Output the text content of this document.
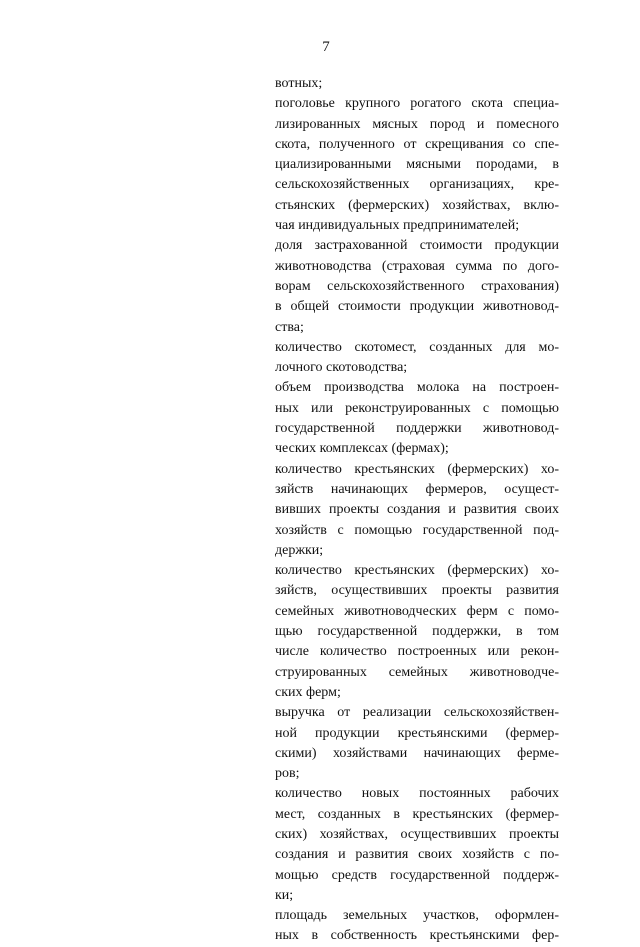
7
вотных;
поголовье крупного рогатого скота специа-
лизированных мясных пород и помесного
скота, полученного от скрещивания со спе-
циализированными мясными породами, в
сельскохозяйственных организациях, кре-
стьянских (фермерских) хозяйствах, вклю-
чая индивидуальных предпринимателей;
доля застрахованной стоимости продукции
животноводства (страховая сумма по дого-
ворам сельскохозяйственного страхования)
в общей стоимости продукции животновод-
ства;
количество скотомест, созданных для мо-
лочного скотоводства;
объем производства молока на построен-
ных или реконструированных с помощью
государственной поддержки животновод-
ческих комплексах (фермах);
количество крестьянских (фермерских) хо-
зяйств начинающих фермеров, осущест-
вивших проекты создания и развития своих
хозяйств с помощью государственной под-
держки;
количество крестьянских (фермерских) хо-
зяйств, осуществивших проекты развития
семейных животноводческих ферм с помо-
щью государственной поддержки, в том
числе количество построенных или рекон-
струированных семейных животноводче-
ских ферм;
выручка от реализации сельскохозяйствен-
ной продукции крестьянскими (фермер-
скими) хозяйствами начинающих ферме-
ров;
количество новых постоянных рабочих
мест, созданных в крестьянских (фермер-
ских) хозяйствах, осуществивших проекты
создания и развития своих хозяйств с по-
мощью средств государственной поддерж-
ки;
площадь земельных участков, оформлен-
ных в собственность крестьянскими фер-
